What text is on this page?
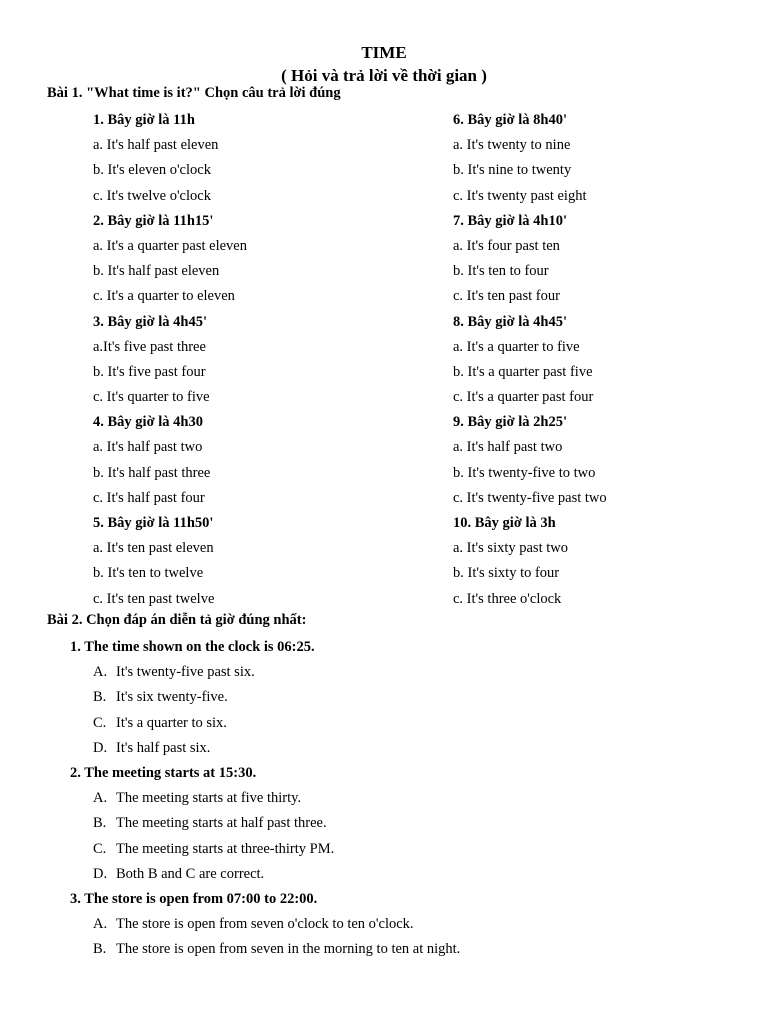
TIME
( Hỏi và trả lời về thời gian )
Bài 1. "What time is it?" Chọn câu trả lời đúng
1. Bây giờ là 11h
a. It's half past eleven
b. It's eleven o'clock
c. It's twelve o'clock
2. Bây giờ là 11h15'
a. It's a quarter past eleven
b. It's half past eleven
c. It's a quarter to eleven
3. Bây giờ là 4h45'
a.It's five past three
b. It's five past four
c. It's quarter to five
4. Bây giờ là 4h30
a. It's half past two
b. It's half past three
c. It's half past four
5. Bây giờ là 11h50'
a. It's ten past eleven
b. It's ten to twelve
c. It's ten past twelve
6. Bây giờ là 8h40'
a. It's twenty to nine
b. It's nine to twenty
c. It's twenty past eight
7. Bây giờ là 4h10'
a. It's four past ten
b. It's ten to four
c. It's ten past four
8. Bây giờ là 4h45'
a. It's a quarter to five
b. It's a quarter past five
c. It's a quarter past four
9. Bây giờ là 2h25'
a. It's half past two
b. It's twenty-five to two
c. It's twenty-five past two
10. Bây giờ là 3h
a. It's sixty past two
b. It's sixty to four
c. It's three o'clock
Bài 2. Chọn đáp án diễn tả giờ đúng nhất:
1. The time shown on the clock is 06:25.
A. It's twenty-five past six.
B. It's six twenty-five.
C. It's a quarter to six.
D. It's half past six.
2. The meeting starts at 15:30.
A. The meeting starts at five thirty.
B. The meeting starts at half past three.
C. The meeting starts at three-thirty PM.
D. Both B and C are correct.
3. The store is open from 07:00 to 22:00.
A. The store is open from seven o'clock to ten o'clock.
B. The store is open from seven in the morning to ten at night.
